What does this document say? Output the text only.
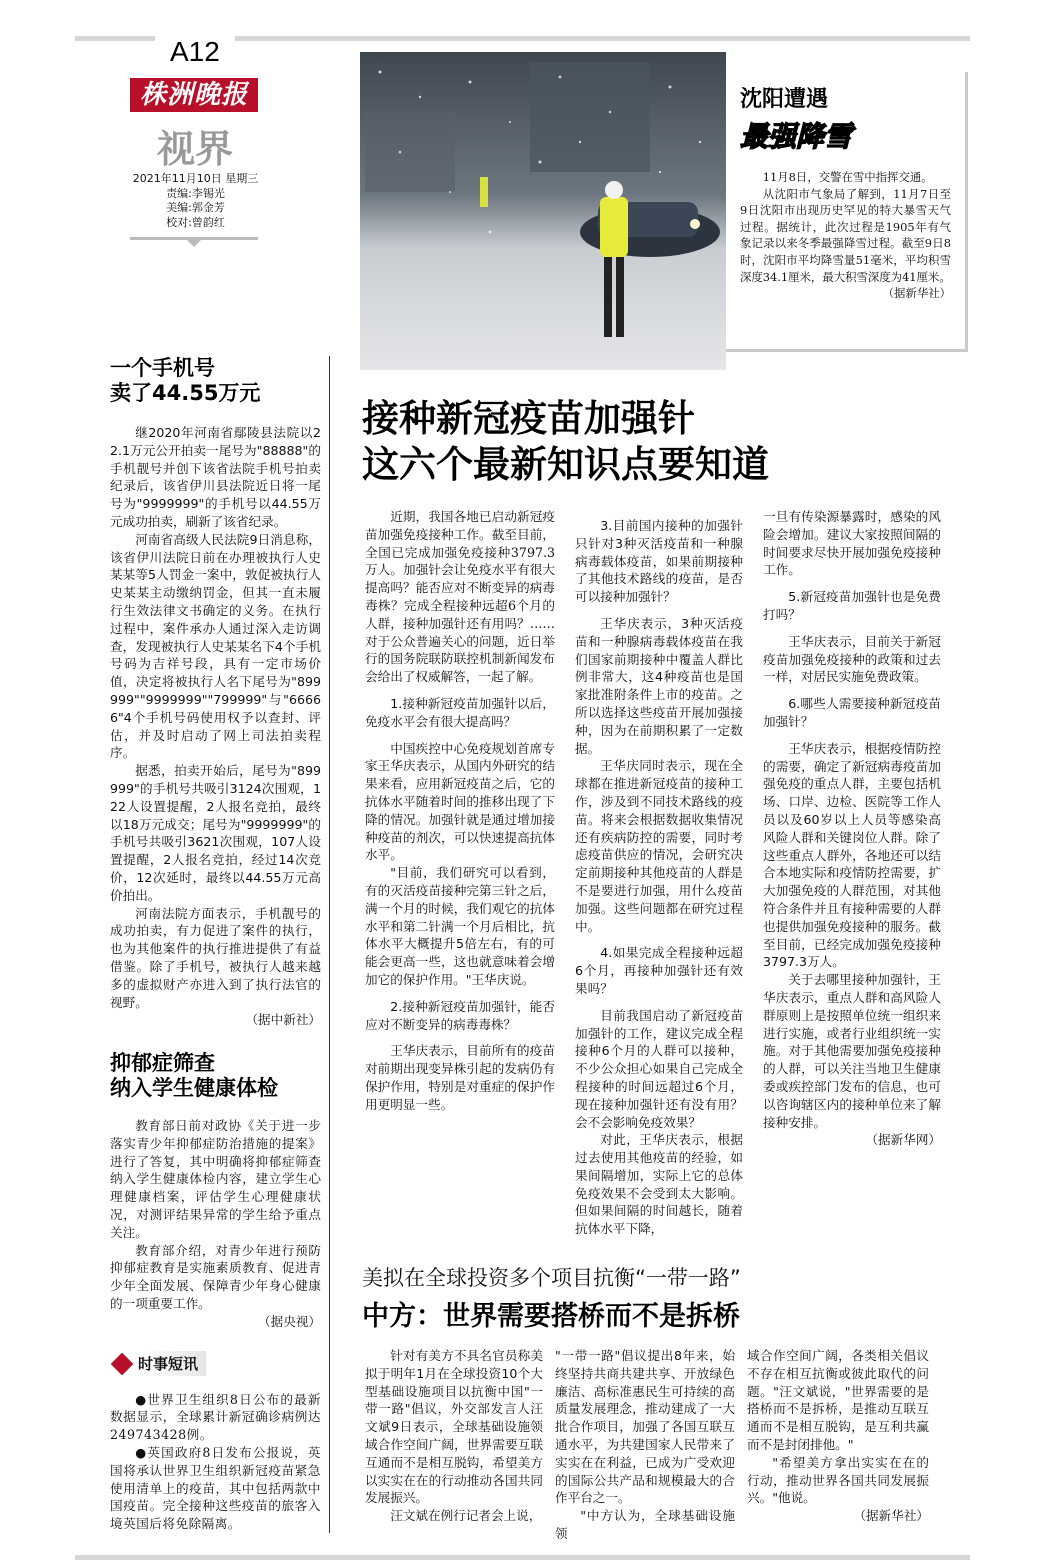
A12
株洲晚报
视界
2021年11月10日 星期三
责编:李锡光
美编:郭金芳
校对:曾韵红
一个手机号
卖了44.55万元

继2020年河南省鄢陵县法院以22.1万元公开拍卖一尾号为"88888"的手机靓号并创下该省法院手机号拍卖纪录后，该省伊川县法院近日将一尾号为"9999999"的手机号以44.55万元成功拍卖，刷新了该省纪录。

河南省高级人民法院9日消息称，该省伊川法院日前在办理被执行人史某某等5人罚金一案中，敦促被执行人史某某主动缴纳罚金，但其一直未履行生效法律文书确定的义务。在执行过程中，案件承办人通过深入走访调查，发现被执行人史某某名下4个手机号码为吉祥号段，具有一定市场价值，决定将被执行人名下尾号为"899999""9999999""799999"与"66666"4个手机号码使用权予以查封、评估，并及时启动了网上司法拍卖程序。

据悉，拍卖开始后，尾号为"899999"的手机号共吸引3124次围观，122人设置提醒，2人报名竞拍，最终以18万元成交；尾号为"9999999"的手机号共吸引3621次围观，107人设置提醒，2人报名竞拍，经过14次竞价，12次延时，最终以44.55万元高价拍出。

河南法院方面表示，手机靓号的成功拍卖，有力促进了案件的执行，也为其他案件的执行推进提供了有益借鉴。除了手机号，被执行人越来越多的虚拟财产亦进入到了执行法官的视野。

（据中新社）

抑郁症筛查
纳入学生健康体检

教育部日前对政协《关于进一步落实青少年抑郁症防治措施的提案》进行了答复，其中明确将抑郁症筛查纳入学生健康体检内容，建立学生心理健康档案，评估学生心理健康状况，对测评结果异常的学生给予重点关注。

教育部介绍，对青少年进行预防抑郁症教育是实施素质教育、促进青少年全面发展、保障青少年身心健康的一项重要工作。

（据央视）

时事短讯

●世界卫生组织8日公布的最新数据显示，全球累计新冠确诊病例达249743428例。

●英国政府8日发布公报说，英国将承认世界卫生组织新冠疫苗紧急使用清单上的疫苗，其中包括两款中国疫苗。完全接种这些疫苗的旅客入境英国后将免除隔离。

沈阳遭遇
最强降雪

11月8日，交警在雪中指挥交通。

从沈阳市气象局了解到，11月7日至9日沈阳市出现历史罕见的特大暴雪天气过程。据统计，此次过程是1905年有气象记录以来冬季最强降雪过程。截至9日8时，沈阳市平均降雪量51毫米，平均积雪深度34.1厘米，最大积雪深度为41厘米。

（据新华社）

接种新冠疫苗加强针
这六个最新知识点要知道

近期，我国各地已启动新冠疫苗加强免疫接种工作。截至目前，全国已完成加强免疫接种3797.3万人。加强针会让免疫水平有很大提高吗？能否应对不断变异的病毒毒株？完成全程接种远超6个月的人群，接种加强针还有用吗？……对于公众普遍关心的问题，近日举行的国务院联防联控机制新闻发布会给出了权威解答，一起了解。

1.接种新冠疫苗加强针以后，免疫水平会有很大提高吗？

中国疾控中心免疫规划首席专家王华庆表示，从国内外研究的结果来看，应用新冠疫苗之后，它的抗体水平随着时间的推移出现了下降的情况。加强针就是通过增加接种疫苗的剂次，可以快速提高抗体水平。

"目前，我们研究可以看到，有的灭活疫苗接种完第三针之后，满一个月的时候，我们观它的抗体水平和第二针满一个月后相比，抗体水平大概提升5倍左右，有的可能会更高一些，这也就意味着会增加它的保护作用。"王华庆说。

2.接种新冠疫苗加强针，能否应对不断变异的病毒毒株？

王华庆表示，目前所有的疫苗对前期出现变异株引起的发病仍有保护作用，特别是对重症的保护作用更明显一些。

3.目前国内接种的加强针只针对3种灭活疫苗和一种腺病毒载体疫苗，如果前期接种了其他技术路线的疫苗，是否可以接种加强针？

王华庆表示，3种灭活疫苗和一种腺病毒载体疫苗在我们国家前期接种中覆盖人群比例非常大，这4种疫苗也是国家批准附条件上市的疫苗。之所以选择这些疫苗开展加强接种，因为在前期积累了一定数据。

王华庆同时表示，现在全球都在推进新冠疫苗的接种工作，涉及到不同技术路线的疫苗。将来会根据数据收集情况还有疾病防控的需要，同时考虑疫苗供应的情况，会研究决定前期接种其他疫苗的人群是不是要进行加强，用什么疫苗加强。这些问题都在研究过程中。

4.如果完成全程接种远超6个月，再接种加强针还有效果吗？

目前我国启动了新冠疫苗加强针的工作，建议完成全程接种6个月的人群可以接种，不少公众担心如果自己完成全程接种的时间远超过6个月，现在接种加强针还有没有用？会不会影响免疫效果？

对此，王华庆表示，根据过去使用其他疫苗的经验，如果间隔增加，实际上它的总体免疫效果不会受到太大影响。但如果间隔的时间越长，随着抗体水平下降，

一旦有传染源暴露时，感染的风险会增加。建议大家按照间隔的时间要求尽快开展加强免疫接种工作。

5.新冠疫苗加强针也是免费打吗？

王华庆表示，目前关于新冠疫苗加强免疫接种的政策和过去一样，对居民实施免费政策。

6.哪些人需要接种新冠疫苗加强针？

王华庆表示，根据疫情防控的需要，确定了新冠病毒疫苗加强免疫的重点人群，主要包括机场、口岸、边检、医院等工作人员以及60岁以上人员等感染高风险人群和关键岗位人群。除了这些重点人群外，各地还可以结合本地实际和疫情防控需要，扩大加强免疫的人群范围，对其他符合条件并且有接种需要的人群也提供加强免疫接种的服务。截至目前，已经完成加强免疫接种3797.3万人。

关于去哪里接种加强针，王华庆表示，重点人群和高风险人群原则上是按照单位统一组织来进行实施，或者行业组织统一实施。对于其他需要加强免疫接种的人群，可以关注当地卫生健康委或疾控部门发布的信息，也可以咨询辖区内的接种单位来了解接种安排。

（据新华网）

美拟在全球投资多个项目抗衡“一带一路”
中方：世界需要搭桥而不是拆桥

针对有美方不具名官员称美拟于明年1月在全球投资10个大型基础设施项目以抗衡中国"一带一路"倡议，外交部发言人汪文斌9日表示，全球基础设施领域合作空间广阔，世界需要互联互通而不是相互脱钩，希望美方以实实在在的行动推动各国共同发展振兴。

汪文斌在例行记者会上说，

"一带一路"倡议提出8年来，始终坚持共商共建共享、开放绿色廉洁、高标准惠民生可持续的高质量发展理念，推动建成了一大批合作项目，加强了各国互联互通水平，为共建国家人民带来了实实在在利益，已成为广受欢迎的国际公共产品和规模最大的合作平台之一。

"中方认为，全球基础设施领

域合作空间广阔，各类相关倡议不存在相互抗衡或彼此取代的问题。"汪文斌说，"世界需要的是搭桥而不是拆桥，是推动互联互通而不是相互脱钩，是互利共赢而不是封闭排他。"

"希望美方拿出实实在在的行动，推动世界各国共同发展振兴。"他说。

（据新华社）
